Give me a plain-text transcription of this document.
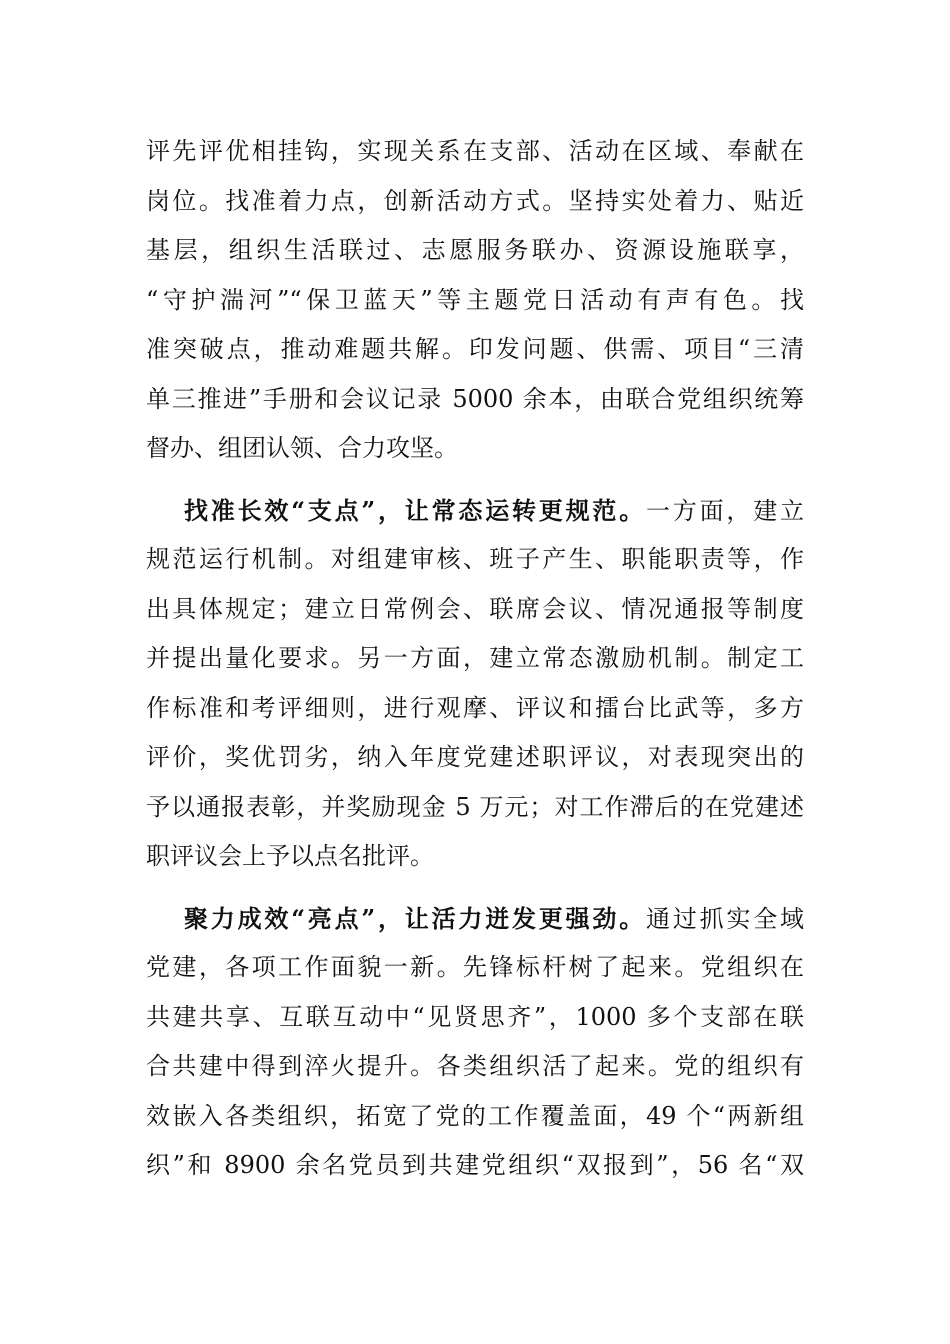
评先评优相挂钩，实现关系在支部、活动在区域、奉献在
岗位。找准着力点，创新活动方式。坚持实处着力、贴近
基层，组织生活联过、志愿服务联办、资源设施联享，
“守护湍河”“保卫蓝天”等主题党日活动有声有色。找
准突破点，推动难题共解。印发问题、供需、项目“三清
单三推进”手册和会议记录 5000 余本，由联合党组织统筹
督办、组团认领、合力攻坚。
找准长效“支点”，让常态运转更规范。一方面，建立
规范运行机制。对组建审核、班子产生、职能职责等，作
出具体规定；建立日常例会、联席会议、情况通报等制度
并提出量化要求。另一方面，建立常态激励机制。制定工
作标准和考评细则，进行观摩、评议和擂台比武等，多方
评价，奖优罚劣，纳入年度党建述职评议，对表现突出的
予以通报表彰，并奖励现金 5 万元；对工作滞后的在党建述
职评议会上予以点名批评。
聚力成效“亮点”，让活力迸发更强劲。通过抓实全域
党建，各项工作面貌一新。先锋标杆树了起来。党组织在
共建共享、互联互动中“见贤思齐”，1000 多个支部在联
合共建中得到淬火提升。各类组织活了起来。党的组织有
效嵌入各类组织，拓宽了党的工作覆盖面，49 个“两新组
织”和 8900 余名党员到共建党组织“双报到”，56 名“双
